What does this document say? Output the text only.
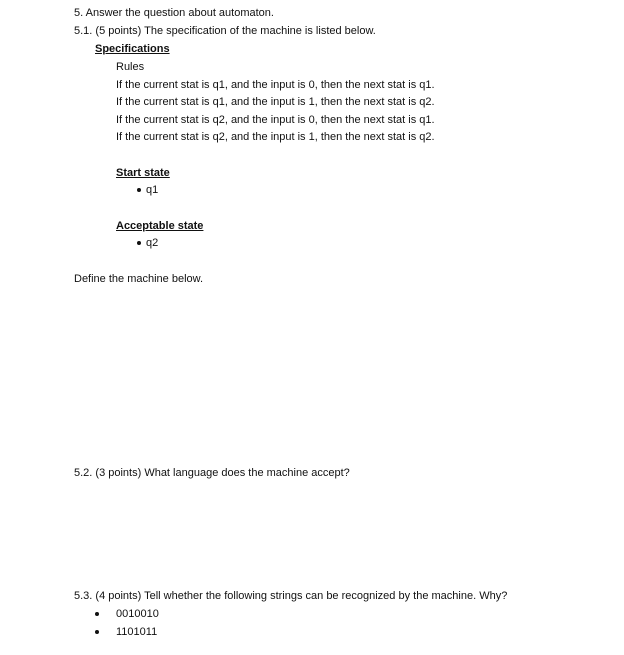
5. Answer the question about automaton.
5.1. (5 points) The specification of the machine is listed below.
Specifications
Rules
If the current stat is q1, and the input is 0, then the next stat is q1.
If the current stat is q1, and the input is 1, then the next stat is q2.
If the current stat is q2, and the input is 0, then the next stat is q1.
If the current stat is q2, and the input is 1, then the next stat is q2.
Start state
q1
Acceptable state
q2
Define the machine below.
5.2. (3 points) What language does the machine accept?
5.3. (4 points) Tell whether the following strings can be recognized by the machine. Why?
0010010
1101011
